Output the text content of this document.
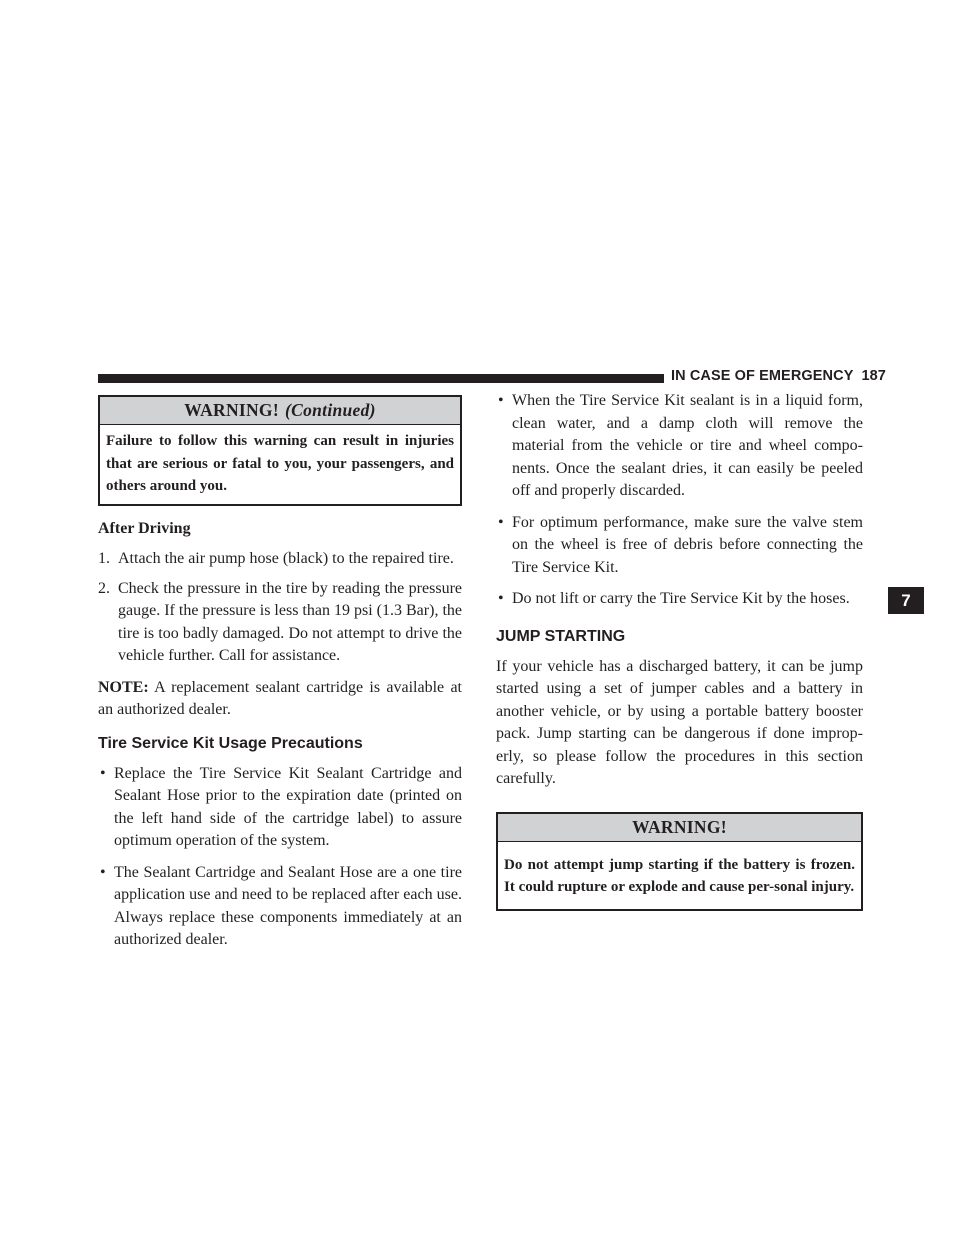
IN CASE OF EMERGENCY 187
WARNING! (Continued)
Failure to follow this warning can result in injuries that are serious or fatal to you, your passengers, and others around you.
After Driving
1. Attach the air pump hose (black) to the repaired tire.
2. Check the pressure in the tire by reading the pressure gauge. If the pressure is less than 19 psi (1.3 Bar), the tire is too badly damaged. Do not attempt to drive the vehicle further. Call for assistance.
NOTE: A replacement sealant cartridge is available at an authorized dealer.
Tire Service Kit Usage Precautions
• Replace the Tire Service Kit Sealant Cartridge and Sealant Hose prior to the expiration date (printed on the left hand side of the cartridge label) to assure optimum operation of the system.
• The Sealant Cartridge and Sealant Hose are a one tire application use and need to be replaced after each use. Always replace these components immediately at an authorized dealer.
• When the Tire Service Kit sealant is in a liquid form, clean water, and a damp cloth will remove the material from the vehicle or tire and wheel compo-nents. Once the sealant dries, it can easily be peeled off and properly discarded.
• For optimum performance, make sure the valve stem on the wheel is free of debris before connecting the Tire Service Kit.
• Do not lift or carry the Tire Service Kit by the hoses.
JUMP STARTING

If your vehicle has a discharged battery, it can be jump started using a set of jumper cables and a battery in another vehicle, or by using a portable battery booster pack. Jump starting can be dangerous if done improp-erly, so please follow the procedures in this section carefully.

WARNING!
Do not attempt jump starting if the battery is frozen. It could rupture or explode and cause per-sonal injury.
7
